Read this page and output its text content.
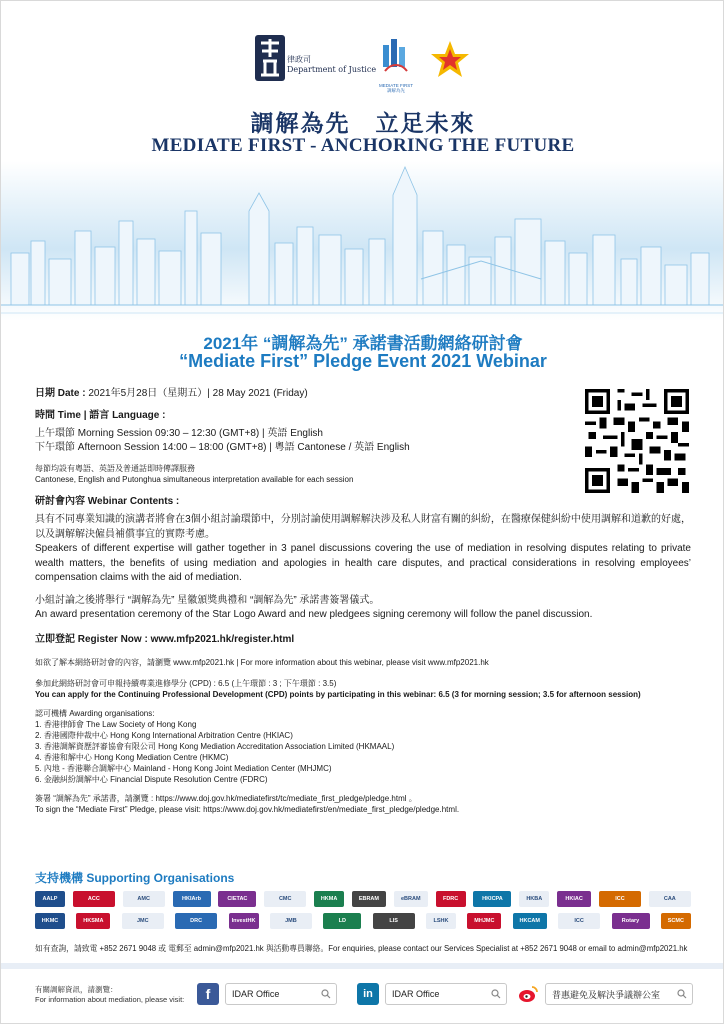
律政司
Department of Justice
MEDIATE FIRST
調解為先
調解為先　立足未來
MEDIATE FIRST - ANCHORING THE FUTURE
2021年 “調解為先” 承諾書活動網絡研討會
“Mediate First” Pledge Event 2021 Webinar
日期 Date : 2021年5月28日（星期五）| 28 May 2021 (Friday)
時間 Time | 語言 Language :
上午環節 Morning Session 09:30 – 12:30 (GMT+8) | 英語 English
下午環節 Afternoon Session 14:00 – 18:00 (GMT+8) | 粵語 Cantonese / 英語 English
每節均設有粵語、英語及普通話即時傳譯服務
Cantonese, English and Putonghua simultaneous interpretation available for each session
研討會內容 Webinar Contents :
具有不同專業知識的演講者將會在3個小組討論環節中，分別討論使用調解解決涉及私人財富有關的糾紛，在醫療保健糾紛中使用調解和道歉的好處，以及調解解決僱員補償事宜的實際考慮。
Speakers of different expertise will gather together in 3 panel discussions covering the use of mediation in resolving disputes relating to private wealth matters, the benefits of using mediation and apologies in health care disputes, and practical considerations in resolving employees’ compensation claims with the aid of mediation.
小組討論之後將舉行 “調解為先” 星徽頒獎典禮和 “調解為先” 承諾書簽署儀式。
An award presentation ceremony of the Star Logo Award and new pledgees signing ceremony will follow the panel discussion.
立即登記 Register Now : www.mfp2021.hk/register.html
如欲了解本網絡研討會的內容，請瀏覽 www.mfp2021.hk | For more information about this webinar, please visit www.mfp2021.hk
參加此網絡研討會可申報持續專業進修學分 (CPD) : 6.5 (上午環節 : 3 ; 下午環節 : 3.5)
You can apply for the Continuing Professional Development (CPD) points by participating in this webinar: 6.5 (3 for morning session; 3.5 for afternoon session)
認可機構 Awarding organisations:
1. 香港律師會 The Law Society of Hong Kong
2. 香港國際仲裁中心 Hong Kong International Arbitration Centre (HKIAC)
3. 香港調解資歷評審協會有限公司 Hong Kong Mediation Accreditation Association Limited (HKMAAL)
4. 香港和解中心 Hong Kong Mediation Centre (HKMC)
5. 內地 - 香港聯合調解中心 Mainland - Hong Kong Joint Mediation Center (MHJMC)
6. 金融糾紛調解中心 Financial Dispute Resolution Centre (FDRC)
簽署 “調解為先” 承諾書，請瀏覽 : https://www.doj.gov.hk/mediatefirst/tc/mediate_first_pledge/pledge.html 。
To sign the “Mediate First” Pledge, please visit: https://www.doj.gov.hk/mediatefirst/en/mediate_first_pledge/pledge.html.
支持機構 Supporting Organisations
AALP	ACC	AMC	HKIArb	CIETAC	CMC	HKMA	EBRAM	eBRAM	FDRC	HKICPA	HKBA	HKIAC	ICC	CAA
HKMC	HKSMA	JMC	DRC	InvestHK	JMB	LD	LIS	LSHK	MHJMC	HKCAM	ICC	Rotary	SCMC
如有查詢，請致電 +852 2671 9048 或 電郵至 admin@mfp2021.hk 與活動專員聯絡。For enquiries, please contact our Services Specialist at +852 2671 9048 or email to admin@mfp2021.hk
有關調解資訊，請瀏覽：
For information about mediation, please visit:	f	IDAR Office	in	IDAR Office	普惠避免及解決爭議辦公室
